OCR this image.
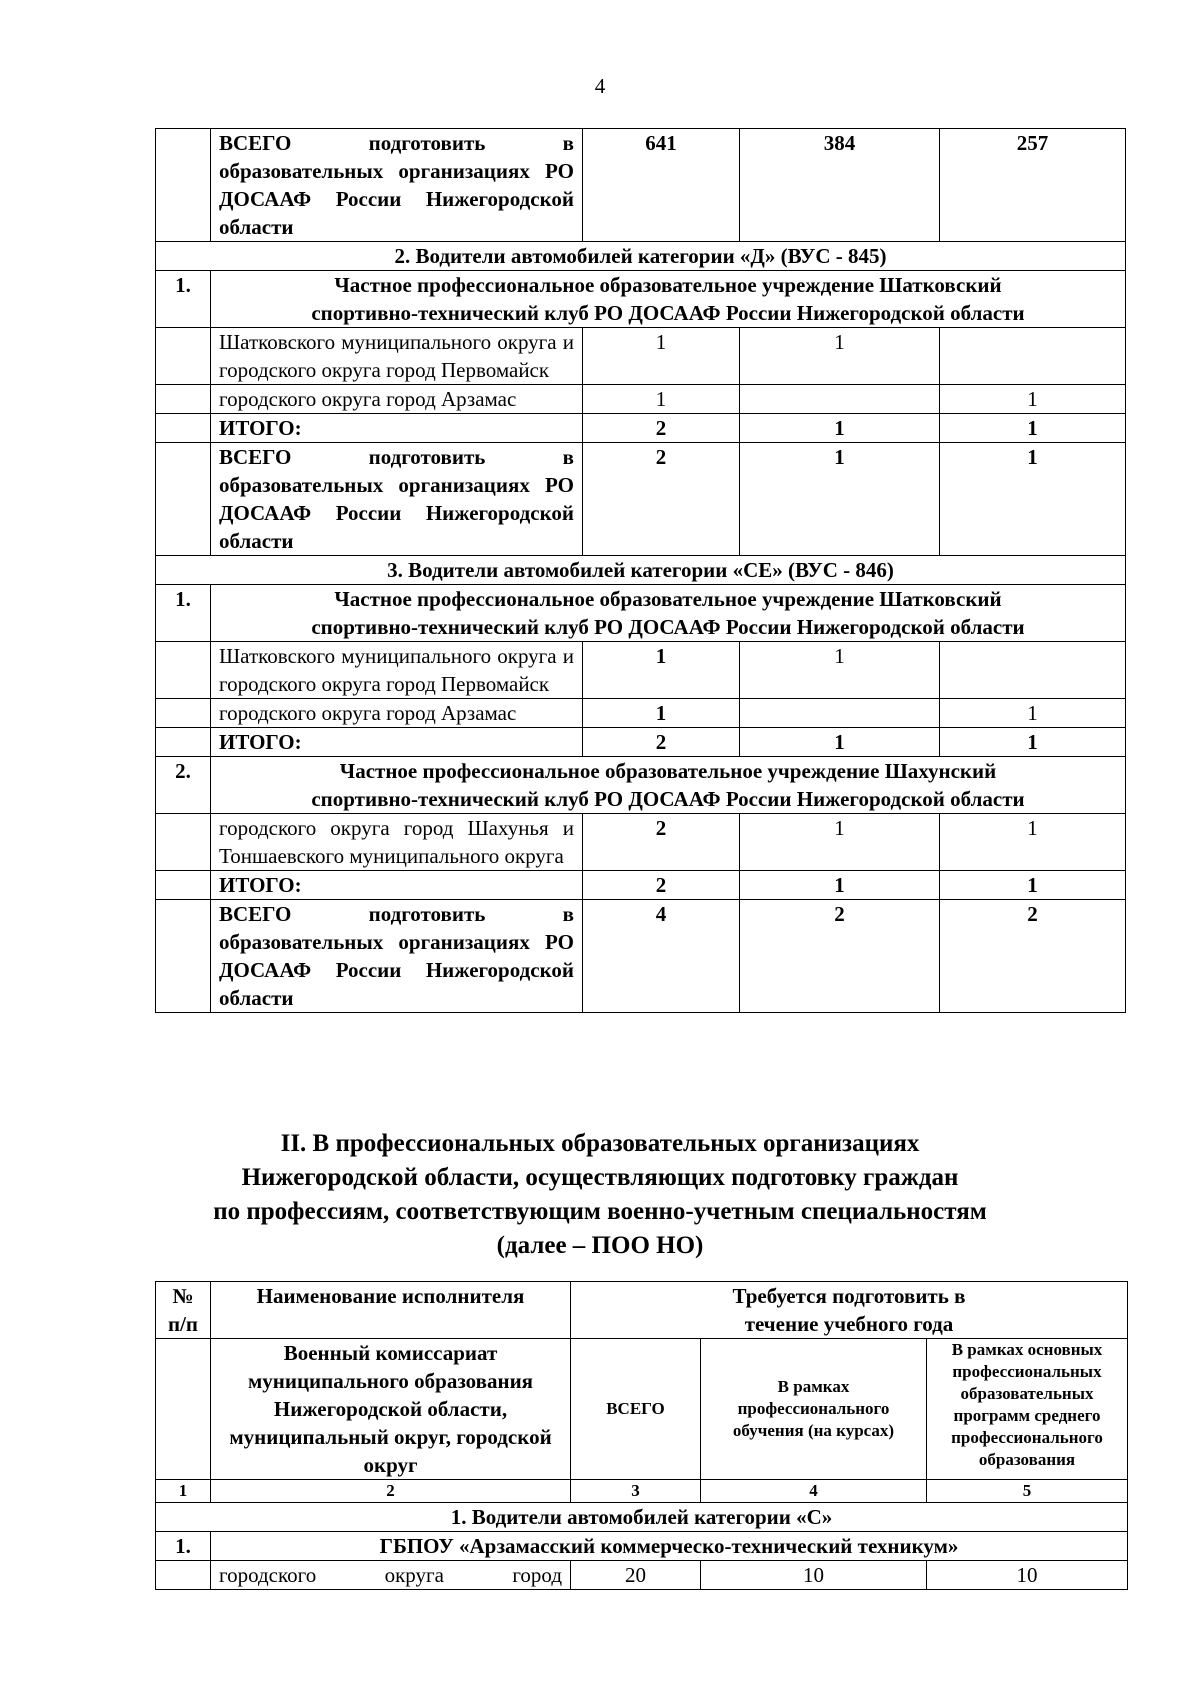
4
	ВСЕГО подготовить в образовательных организациях РО ДОСААФ России Нижегородской области	641	384	257
2. Водители автомобилей категории «Д» (ВУС - 845)				
1.	Частное профессиональное образовательное учреждение Шатковский
спортивно-технический клуб РО ДОСААФ России Нижегородской области			

	Шатковского муниципального округа и городского округа город Первомайск	1	1	
	городского округа город Арзамас	1		1
	ИТОГО:	2	1	1
	ВСЕГО подготовить в образовательных организациях РО ДОСААФ России Нижегородской области	2	1	1
3. Водители автомобилей категории «СЕ» (ВУС - 846)				
1.	Частное профессиональное образовательное учреждение Шатковский
спортивно-технический клуб РО ДОСААФ России Нижегородской области			

	Шатковского муниципального округа и городского округа город Первомайск	1	1	
	городского округа город Арзамас	1		1
	ИТОГО:	2	1	1
2.	Частное профессиональное образовательное учреждение Шахунский
спортивно-технический клуб РО ДОСААФ России Нижегородской области			

	городского округа город Шахунья и Тоншаевского муниципального округа	2	1	1
	ИТОГО:	2	1	1
	ВСЕГО подготовить в образовательных организациях РО ДОСААФ России Нижегородской области	4	2	2
II. В профессиональных образовательных организациях
Нижегородской области, осуществляющих подготовку граждан
по профессиям, соответствующим военно-учетным специальностям
(далее – ПОО НО)
№ п/п	Наименование исполнителя	Требуется подготовить в течение учебного года		
	Военный комиссариат муниципального образования Нижегородской области, муниципальный округ, городской округ	ВСЕГО	В рамках профессионального обучения (на курсах)	В рамках основных профессиональных образовательных программ среднего профессионального образования
1	2	3	4	5
1. Водители автомобилей категории «С»				
1.	ГБПОУ «Арзамасский коммерческо-технический техникум»			
	городского округа город	20	10	10
